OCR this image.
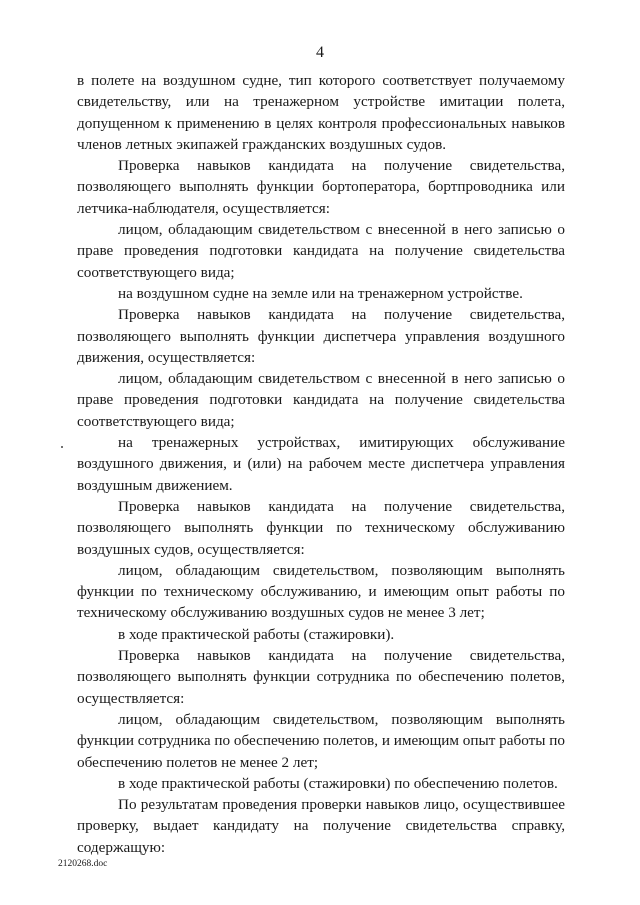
4

в полете на воздушном судне, тип которого соответствует получаемому свидетельству, или на тренажерном устройстве имитации полета, допущенном к применению в целях контроля профессиональных навыков членов летных экипажей гражданских воздушных судов.

Проверка навыков кандидата на получение свидетельства, позволяющего выполнять функции бортоператора, бортпроводника или летчика-наблюдателя, осуществляется:

лицом, обладающим свидетельством с внесенной в него записью о праве проведения подготовки кандидата на получение свидетельства соответствующего вида;

на воздушном судне на земле или на тренажерном устройстве.

Проверка навыков кандидата на получение свидетельства, позволяющего выполнять функции диспетчера управления воздушного движения, осуществляется:

лицом, обладающим свидетельством с внесенной в него записью о праве проведения подготовки кандидата на получение свидетельства соответствующего вида;

на тренажерных устройствах, имитирующих обслуживание воздушного движения, и (или) на рабочем месте диспетчера управления воздушным движением.

Проверка навыков кандидата на получение свидетельства, позволяющего выполнять функции по техническому обслуживанию воздушных судов, осуществляется:

лицом, обладающим свидетельством, позволяющим выполнять функции по техническому обслуживанию, и имеющим опыт работы по техническому обслуживанию воздушных судов не менее 3 лет;

в ходе практической работы (стажировки).

Проверка навыков кандидата на получение свидетельства, позволяющего выполнять функции сотрудника по обеспечению полетов, осуществляется:

лицом, обладающим свидетельством, позволяющим выполнять функции сотрудника по обеспечению полетов, и имеющим опыт работы по обеспечению полетов не менее 2 лет;

в ходе практической работы (стажировки) по обеспечению полетов.

По результатам проведения проверки навыков лицо, осуществившее проверку, выдает кандидату на получение свидетельства справку, содержащую:

2120268.doc
